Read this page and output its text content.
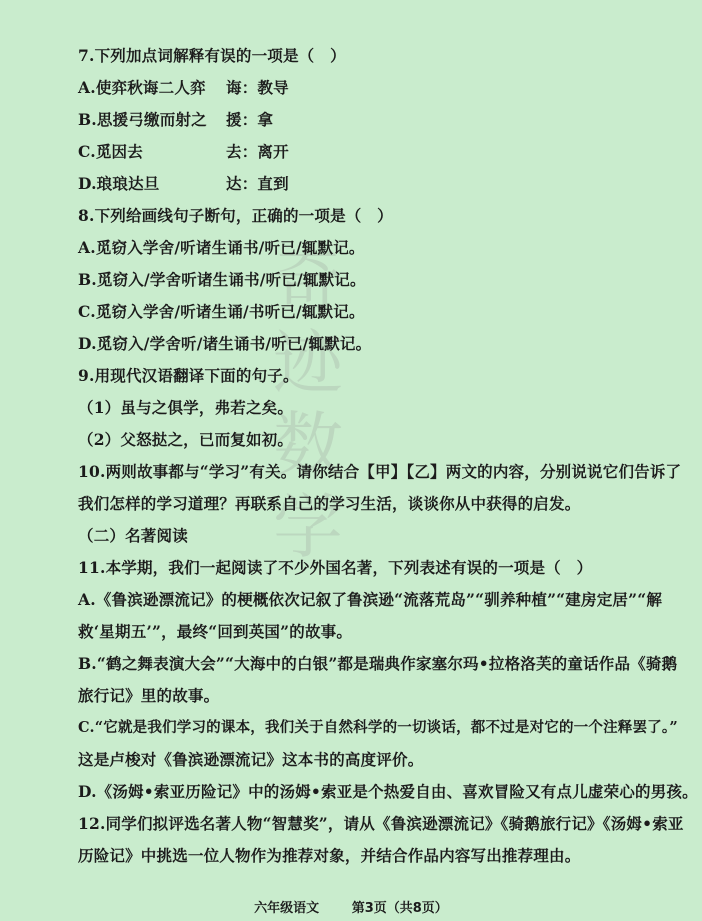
奇
迹
数
学
7.下列加点词解释有误的一项是（　）
A.使弈秋诲二人弈 诲：教导
B.思援弓缴而射之 援：拿
C.觅因去	去：离开
D.琅琅达旦	达：直到
8.下列给画线句子断句，正确的一项是（　）
A.觅窃入学舍/听诸生诵书/听已/辄默记。
B.觅窃入/学舍听诸生诵书/听已/辄默记。
C.觅窃入学舍/听诸生诵/书听已/辄默记。
D.觅窃入/学舍听/诸生诵书/听已/辄默记。
9.用现代汉语翻译下面的句子。
（1）虽与之俱学，弗若之矣。
（2）父怒挞之，已而复如初。
10.两则故事都与“学习”有关。请你结合【甲】【乙】两文的内容，分别说说它们告诉了
我们怎样的学习道理？再联系自己的学习生活，谈谈你从中获得的启发。
（二）名著阅读
11.本学期，我们一起阅读了不少外国名著，下列表述有误的一项是（　）
A.《鲁滨逊漂流记》的梗概依次记叙了鲁滨逊“流落荒岛”“驯养种植”“建房定居”“解
救‘星期五’”，最终“回到英国”的故事。
B.“鹤之舞表演大会”“大海中的白银”都是瑞典作家塞尔玛•拉格洛芙的童话作品《骑鹅
旅行记》里的故事。
C.“它就是我们学习的课本，我们关于自然科学的一切谈话，都不过是对它的一个注释罢了。”
这是卢梭对《鲁滨逊漂流记》这本书的高度评价。
D.《汤姆•索亚历险记》中的汤姆•索亚是个热爱自由、喜欢冒险又有点儿虚荣心的男孩。
12.同学们拟评选名著人物“智慧奖”，请从《鲁滨逊漂流记》《骑鹅旅行记》《汤姆•索亚
历险记》中挑选一位人物作为推荐对象，并结合作品内容写出推荐理由。
六年级语文	第3页（共8页）
